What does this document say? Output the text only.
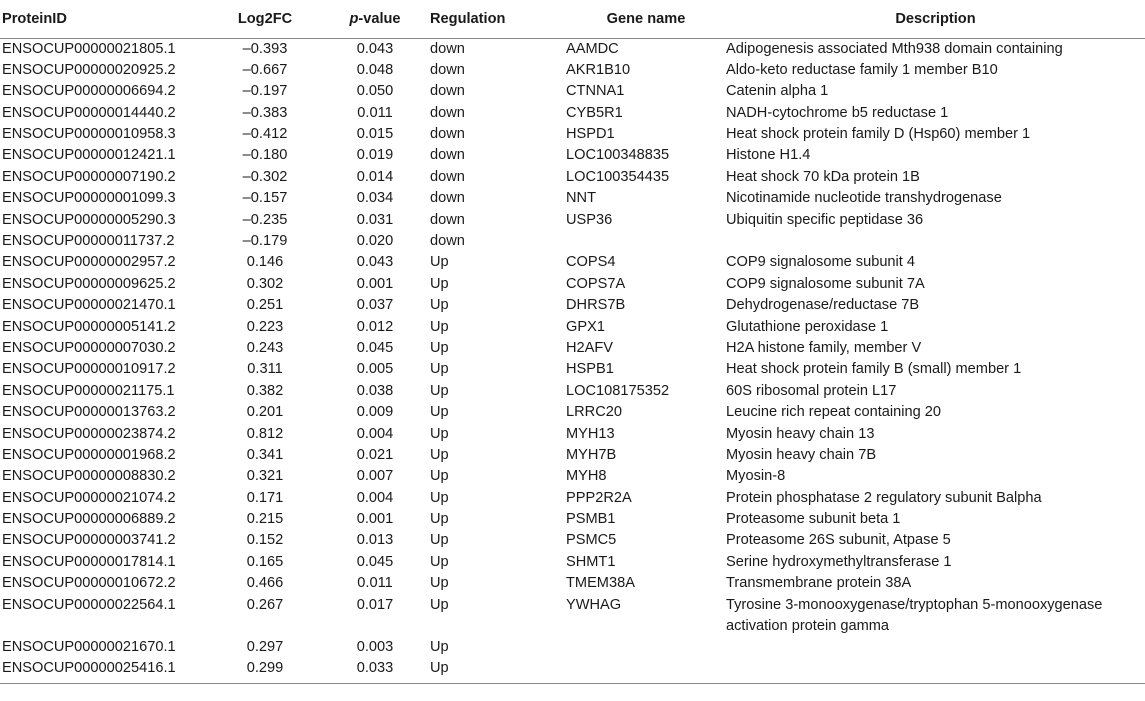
ProteinID	Log2FC	p-value	Regulation	Gene name	Description
ENSOCUP00000021805.1	–0.393	0.043	down	AAMDC	Adipogenesis associated Mth938 domain containing
ENSOCUP00000020925.2	–0.667	0.048	down	AKR1B10	Aldo-keto reductase family 1 member B10
ENSOCUP00000006694.2	–0.197	0.050	down	CTNNA1	Catenin alpha 1
ENSOCUP00000014440.2	–0.383	0.011	down	CYB5R1	NADH-cytochrome b5 reductase 1
ENSOCUP00000010958.3	–0.412	0.015	down	HSPD1	Heat shock protein family D (Hsp60) member 1
ENSOCUP00000012421.1	–0.180	0.019	down	LOC100348835	Histone H1.4
ENSOCUP00000007190.2	–0.302	0.014	down	LOC100354435	Heat shock 70 kDa protein 1B
ENSOCUP00000001099.3	–0.157	0.034	down	NNT	Nicotinamide nucleotide transhydrogenase
ENSOCUP00000005290.3	–0.235	0.031	down	USP36	Ubiquitin specific peptidase 36
ENSOCUP00000011737.2	–0.179	0.020	down		
ENSOCUP00000002957.2	0.146	0.043	Up	COPS4	COP9 signalosome subunit 4
ENSOCUP00000009625.2	0.302	0.001	Up	COPS7A	COP9 signalosome subunit 7A
ENSOCUP00000021470.1	0.251	0.037	Up	DHRS7B	Dehydrogenase/reductase 7B
ENSOCUP00000005141.2	0.223	0.012	Up	GPX1	Glutathione peroxidase 1
ENSOCUP00000007030.2	0.243	0.045	Up	H2AFV	H2A histone family, member V
ENSOCUP00000010917.2	0.311	0.005	Up	HSPB1	Heat shock protein family B (small) member 1
ENSOCUP00000021175.1	0.382	0.038	Up	LOC108175352	60S ribosomal protein L17
ENSOCUP00000013763.2	0.201	0.009	Up	LRRC20	Leucine rich repeat containing 20
ENSOCUP00000023874.2	0.812	0.004	Up	MYH13	Myosin heavy chain 13
ENSOCUP00000001968.2	0.341	0.021	Up	MYH7B	Myosin heavy chain 7B
ENSOCUP00000008830.2	0.321	0.007	Up	MYH8	Myosin-8
ENSOCUP00000021074.2	0.171	0.004	Up	PPP2R2A	Protein phosphatase 2 regulatory subunit Balpha
ENSOCUP00000006889.2	0.215	0.001	Up	PSMB1	Proteasome subunit beta 1
ENSOCUP00000003741.2	0.152	0.013	Up	PSMC5	Proteasome 26S subunit, Atpase 5
ENSOCUP00000017814.1	0.165	0.045	Up	SHMT1	Serine hydroxymethyltransferase 1
ENSOCUP00000010672.2	0.466	0.011	Up	TMEM38A	Transmembrane protein 38A
ENSOCUP00000022564.1	0.267	0.017	Up	YWHAG	Tyrosine 3-monooxygenase/tryptophan 5-monooxygenase activation protein gamma
ENSOCUP00000021670.1	0.297	0.003	Up		
ENSOCUP00000025416.1	0.299	0.033	Up		
